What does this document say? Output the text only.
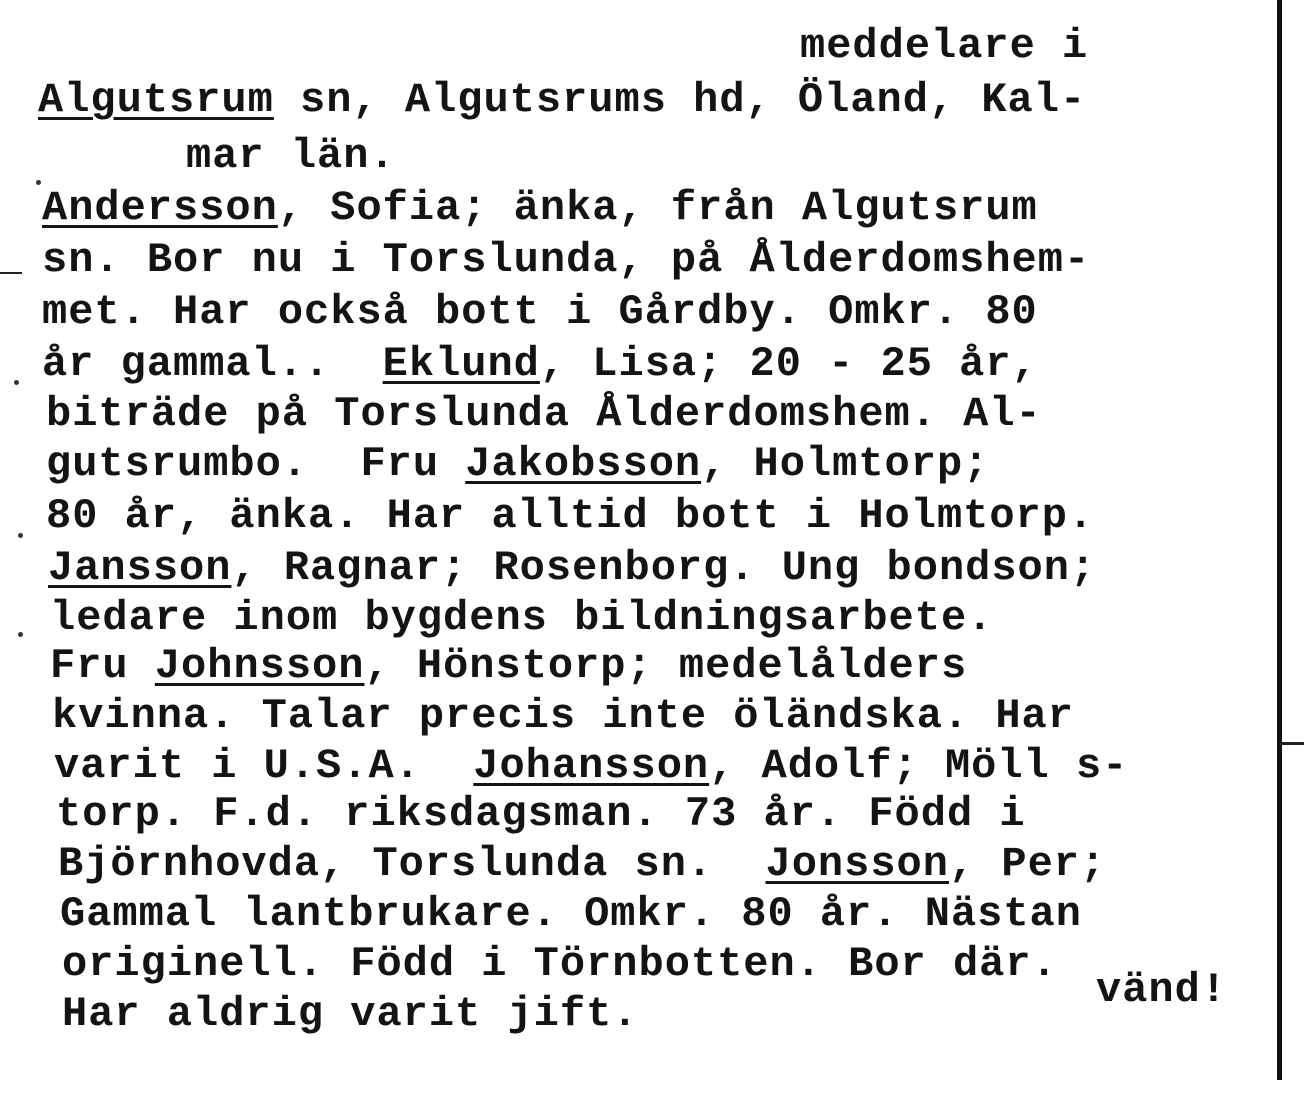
meddelare i
Algutsrum sn, Algutsrums hd, Öland, Kal-
mar län.
Andersson, Sofia; änka, från Algutsrum
sn. Bor nu i Torslunda, på Ålderdomshem-
met. Har också bott i Gårdby. Omkr. 80
år gammal..  Eklund, Lisa; 20 - 25 år,
biträde på Torslunda Ålderdomshem. Al-
gutsrumbo.  Fru Jakobsson, Holmtorp;
80 år, änka. Har alltid bott i Holmtorp.
Jansson, Ragnar; Rosenborg. Ung bondson;
ledare inom bygdens bildningsarbete.
Fru Johnsson, Hönstorp; medelålders
kvinna. Talar precis inte öländska. Har
varit i U.S.A.  Johansson, Adolf; Möll s-
torp. F.d. riksdagsman. 73 år. Född i
Björnhovda, Torslunda sn.  Jonsson, Per;
Gammal lantbrukare. Omkr. 80 år. Nästan
originell. Född i Törnbotten. Bor där.
Har aldrig varit jift.	vänd!
